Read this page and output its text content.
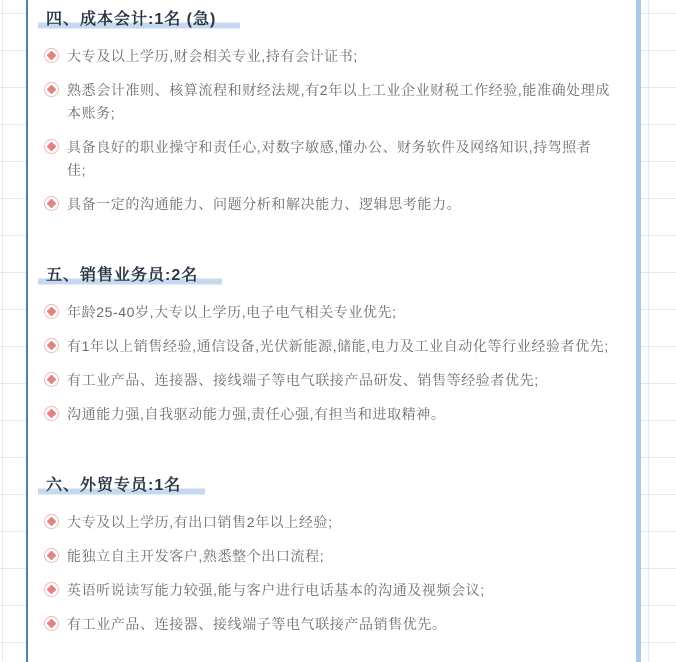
四、成本会计:1名 (急)
大专及以上学历,财会相关专业,持有会计证书;
熟悉会计准则、核算流程和财经法规,有2年以上工业企业财税工作经验,能准确处理成本账务;
具备良好的职业操守和责任心,对数字敏感,懂办公、财务软件及网络知识,持驾照者佳;
具备一定的沟通能力、问题分析和解决能力、逻辑思考能力。
五、销售业务员:2名
年龄25-40岁,大专以上学历,电子电气相关专业优先;
有1年以上销售经验,通信设备,光伏新能源,储能,电力及工业自动化等行业经验者优先;
有工业产品、连接器、接线端子等电气联接产品研发、销售等经验者优先;
沟通能力强,自我驱动能力强,责任心强,有担当和进取精神。
六、外贸专员:1名
大专及以上学历,有出口销售2年以上经验;
能独立自主开发客户,熟悉整个出口流程;
英语听说读写能力较强,能与客户进行电话基本的沟通及视频会议;
有工业产品、连接器、接线端子等电气联接产品销售优先。
